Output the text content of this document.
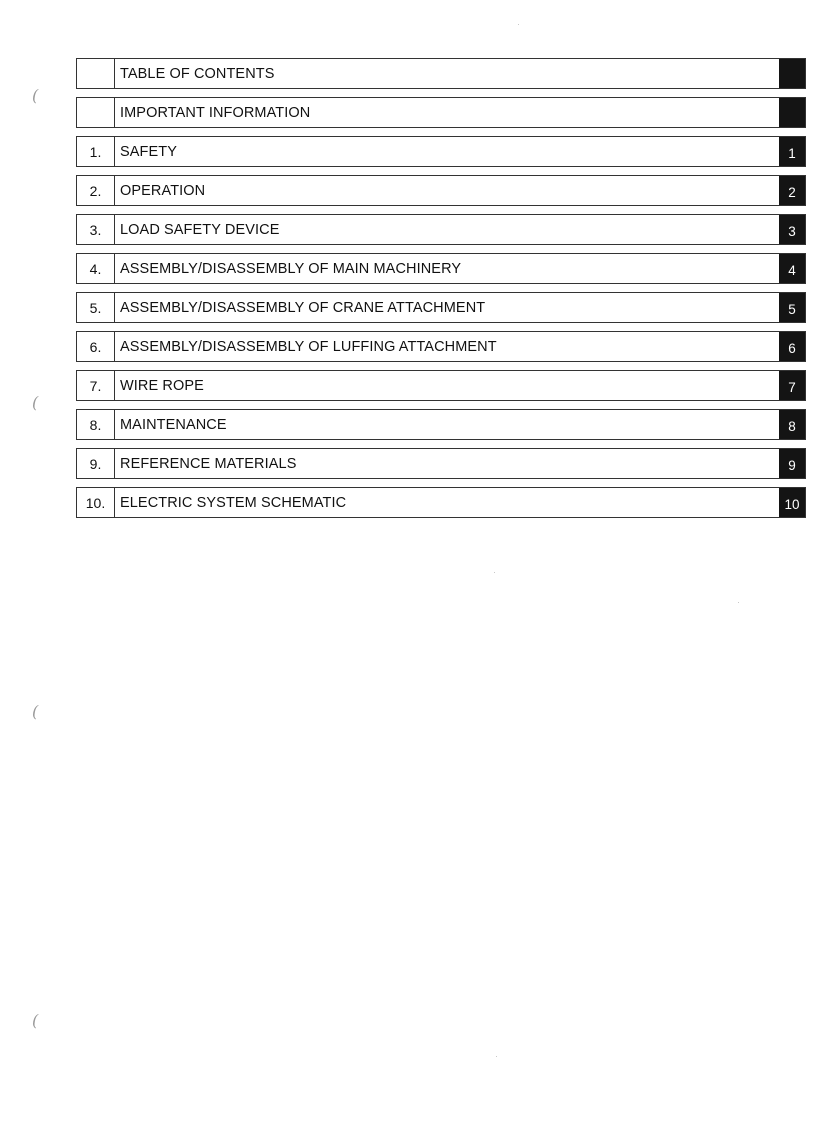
(
(
(
(
TABLE OF CONTENTS
IMPORTANT INFORMATION
1.	SAFETY	1
2.	OPERATION	2
3.	LOAD SAFETY DEVICE	3
4.	ASSEMBLY/DISASSEMBLY OF MAIN MACHINERY	4
5.	ASSEMBLY/DISASSEMBLY OF CRANE ATTACHMENT	5
6.	ASSEMBLY/DISASSEMBLY OF LUFFING ATTACHMENT	6
7.	WIRE ROPE	7
8.	MAINTENANCE	8
9.	REFERENCE MATERIALS	9
10.	ELECTRIC SYSTEM SCHEMATIC	10
